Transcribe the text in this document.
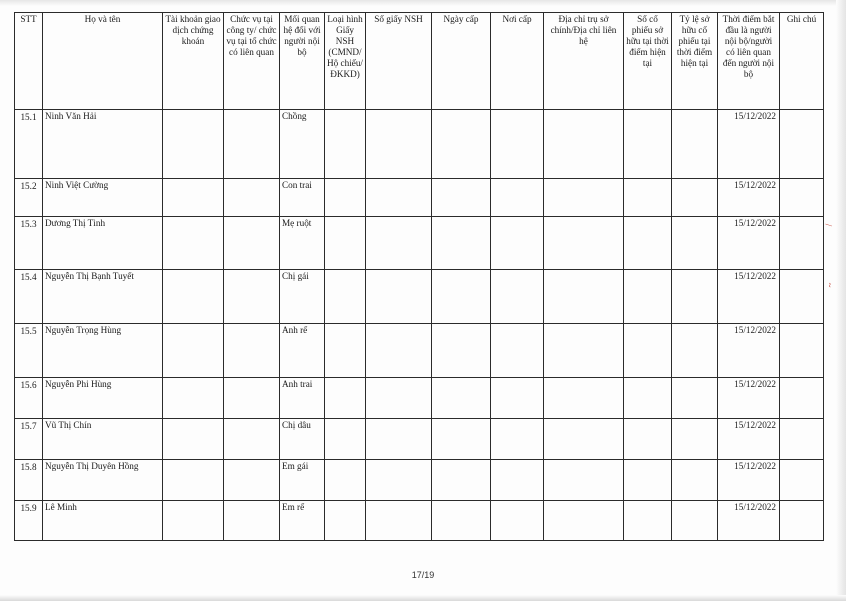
/
~
STT	Họ và tên	Tài khoản giao dịch chứng khoán	Chức vụ tại công ty/ chức vụ tại tổ chức có liên quan	Mối quan hệ đối với người nội bộ	Loại hình Giấy NSH (CMND/ Hộ chiếu/ ĐKKD)	Số giấy NSH	Ngày cấp	Nơi cấp	Địa chỉ trụ sở chính/Địa chỉ liên hệ	Số cổ phiếu sở hữu tại thời điểm hiện tại	Tỷ lệ sở hữu cổ phiếu tại thời điểm hiện tại	Thời điểm bắt đầu là người nội bộ/người có liên quan đến người nội bộ	Ghi chú
15.1	Ninh Văn Hải			Chồng								15/12/2022	
15.2	Ninh Việt Cường			Con trai								15/12/2022	
15.3	Dương Thị Tình			Mẹ ruột								15/12/2022	
15.4	Nguyễn Thị Bạnh Tuyết			Chị gái								15/12/2022	
15.5	Nguyễn Trọng Hùng			Anh rể								15/12/2022	
15.6	Nguyễn Phi Hùng			Anh trai								15/12/2022	
15.7	Vũ Thị Chín			Chị dâu								15/12/2022	
15.8	Nguyễn Thị Duyên Hồng			Em gái								15/12/2022	
15.9	Lê Minh			Em rể								15/12/2022	
17/19
